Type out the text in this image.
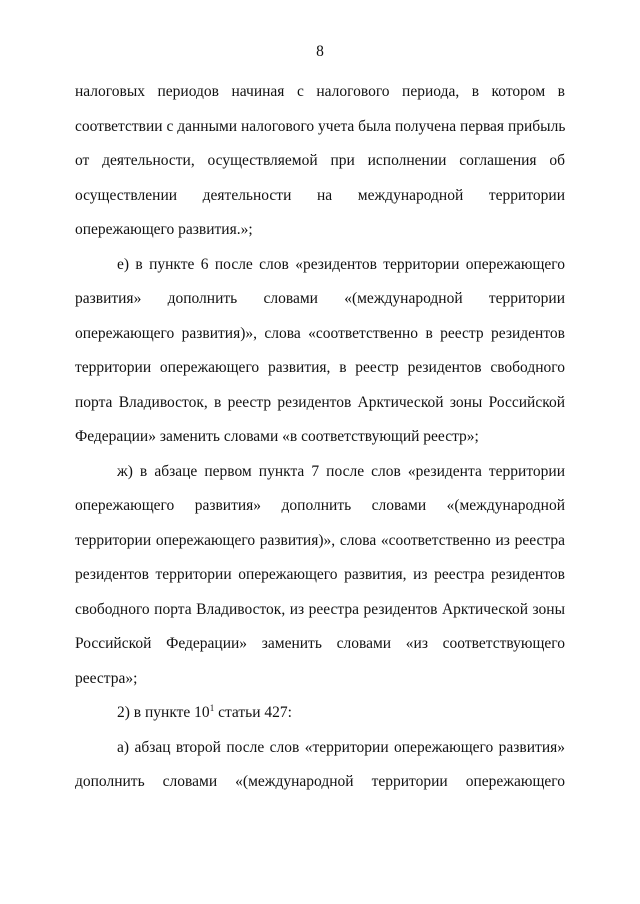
8
налоговых периодов начиная с налогового периода, в котором в
соответствии с данными налогового учета была получена первая прибыль
от деятельности, осуществляемой при исполнении соглашения об
осуществлении деятельности на международной территории
опережающего развития.»;
е) в пункте 6 после слов «резидентов территории опережающего
развития» дополнить словами «(международной территории
опережающего развития)», слова «соответственно в реестр резидентов
территории опережающего развития, в реестр резидентов свободного
порта Владивосток, в реестр резидентов Арктической зоны Российской
Федерации» заменить словами «в соответствующий реестр»;
ж) в абзаце первом пункта 7 после слов «резидента территории
опережающего развития» дополнить словами «(международной
территории опережающего развития)», слова «соответственно из реестра
резидентов территории опережающего развития, из реестра резидентов
свободного порта Владивосток, из реестра резидентов Арктической зоны
Российской Федерации» заменить словами «из соответствующего
реестра»;
2) в пункте $10^1$ статьи 427:
а) абзац второй после слов «территории опережающего развития»
дополнить словами «(международной территории опережающего
